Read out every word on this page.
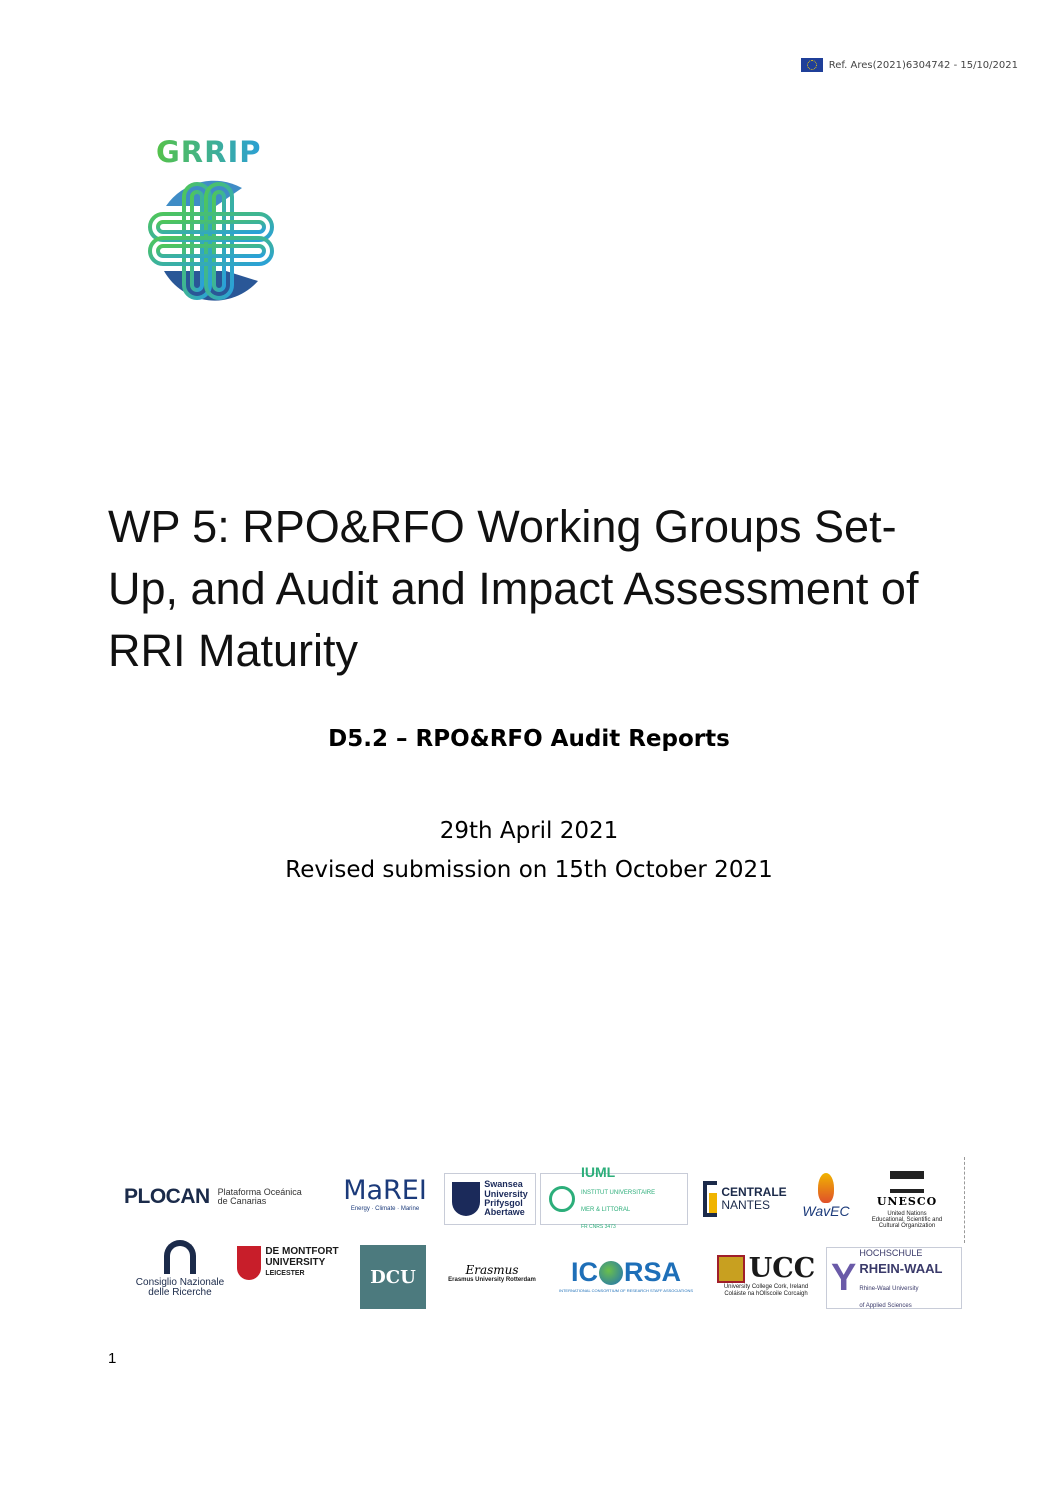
Ref. Ares(2021)6304742 - 15/10/2021
GRRIP
WP 5: RPO&RFO Working Groups Set-
Up, and Audit and Impact Assessment of
RRI Maturity
D5.2 – RPO&RFO Audit Reports
29th April 2021
Revised submission on 15th October 2021
PLOCAN Plataforma Oceánica
de Canarias	MaREI
Energy · Climate · Marine
Swansea
University
Prifysgol
Abertawe
IUML
INSTITUT UNIVERSITAIRE
MER & LITTORAL
FR CNRS 3473
CENTRALE
NANTES	WavEC
UNESCO
United Nations
Educational, Scientific and
Cultural Organization
Consiglio Nazionale
delle Ricerche
DE MONTFORT
UNIVERSITY
LEICESTER	DCU	Erasmus
Erasmus University Rotterdam IC RSA
INTERNATIONAL CONSORTIUM OF RESEARCH STAFF ASSOCIATIONS
UCC
University College Cork, Ireland
Coláiste na hOllscoile Corcaigh Y
HOCHSCHULE
RHEIN-WAAL
Rhine-Waal University
of Applied Sciences
1
